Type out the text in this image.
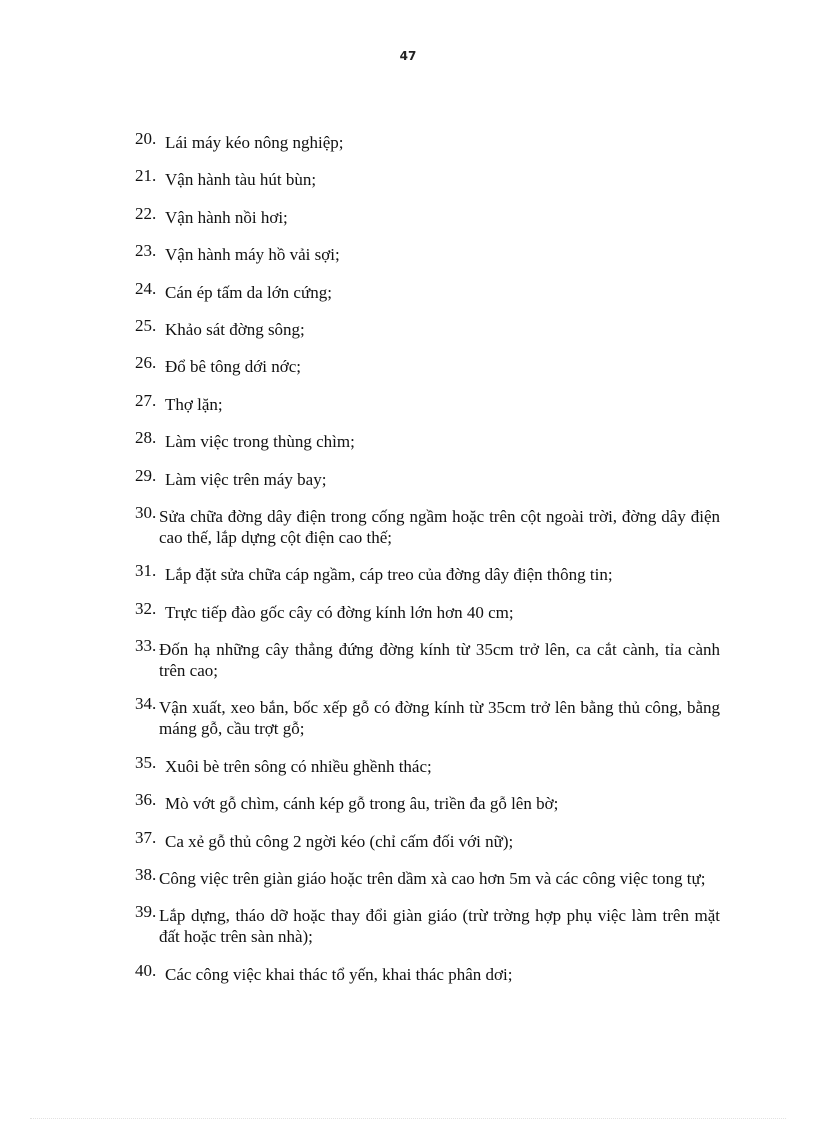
47
20. Lái máy kéo nông nghiệp;
21. Vận hành tàu hút bùn;
22. Vận hành nồi hơi;
23. Vận hành máy hồ vải sợi;
24. Cán ép tấm da lớn cứng;
25. Khảo sát đờng sông;
26. Đổ bê tông dới nớc;
27. Thợ lặn;
28. Làm việc trong thùng chìm;
29. Làm việc trên máy bay;
30. Sửa chữa đờng dây điện trong cống ngầm hoặc trên cột ngoài trời, đờng dây điện cao thế, lắp dựng cột điện cao thế;
31. Lắp đặt sửa chữa cáp ngầm, cáp treo của đờng dây điện thông tin;
32. Trực tiếp đào gốc cây có đờng kính lớn hơn 40 cm;
33. Đốn hạ những cây thẳng đứng đờng kính từ 35cm trở lên, ca cắt cành, tỉa cành trên cao;
34. Vận xuất, xeo bắn, bốc xếp gỗ có đờng kính từ 35cm trở lên bằng thủ công, bằng máng gỗ, cầu trợt gỗ;
35. Xuôi bè trên sông có nhiều ghềnh thác;
36. Mò vớt gỗ chìm, cánh kép gỗ trong âu, triền đa gỗ lên bờ;
37. Ca xẻ gỗ thủ công 2 ngời kéo (chỉ cấm đối với nữ);
38. Công việc trên giàn giáo hoặc trên dầm xà cao hơn 5m và các công việc tong tự;
39. Lắp dựng, tháo dỡ hoặc thay đổi giàn giáo (trừ trờng hợp phụ việc làm trên mặt đất hoặc trên sàn nhà);
40. Các công việc khai thác tổ yến, khai thác phân dơi;
